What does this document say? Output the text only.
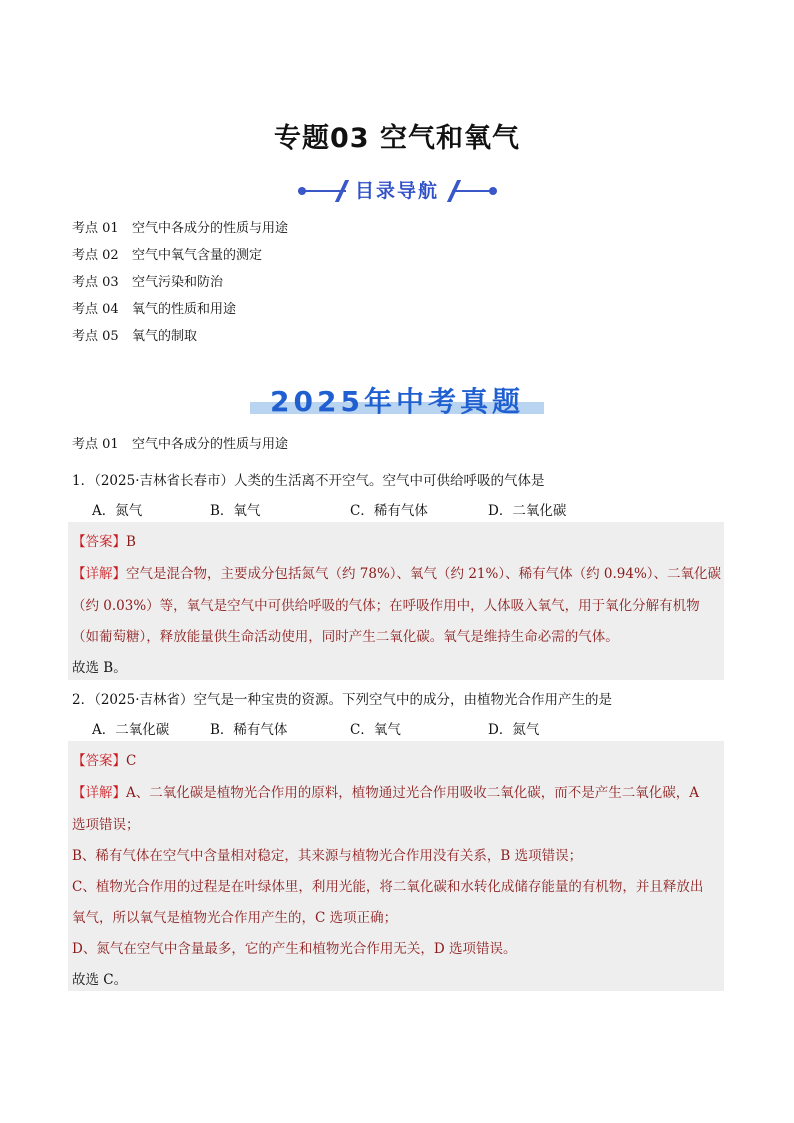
专题03 空气和氧气
目录导航
考点 01 空气中各成分的性质与用途
考点 02 空气中氧气含量的测定
考点 03 空气污染和防治
考点 04 氧气的性质和用途
考点 05 氧气的制取
2025年中考真题
考点 01 空气中各成分的性质与用途
1．（2025·吉林省长春市）人类的生活离不开空气。空气中可供给呼吸的气体是
A．氮气	B．氧气	C．稀有气体	D．二氧化碳
【答案】B
【详解】空气是混合物，主要成分包括氮气（约 78%）、氧气（约 21%）、稀有气体（约 0.94%）、二氧化碳
（约 0.03%）等，氧气是空气中可供给呼吸的气体；在呼吸作用中，人体吸入氧气，用于氧化分解有机物
（如葡萄糖），释放能量供生命活动使用，同时产生二氧化碳。氧气是维持生命必需的气体。
故选 B。
2．（2025·吉林省）空气是一种宝贵的资源。下列空气中的成分，由植物光合作用产生的是
A．二氧化碳	B．稀有气体	C．氧气	D．氮气
【答案】C
【详解】A、二氧化碳是植物光合作用的原料，植物通过光合作用吸收二氧化碳，而不是产生二氧化碳，A
选项错误；
B、稀有气体在空气中含量相对稳定，其来源与植物光合作用没有关系，B 选项错误；
C、植物光合作用的过程是在叶绿体里，利用光能，将二氧化碳和水转化成储存能量的有机物，并且释放出
氧气，所以氧气是植物光合作用产生的，C 选项正确；
D、氮气在空气中含量最多，它的产生和植物光合作用无关，D 选项错误。
故选 C。
